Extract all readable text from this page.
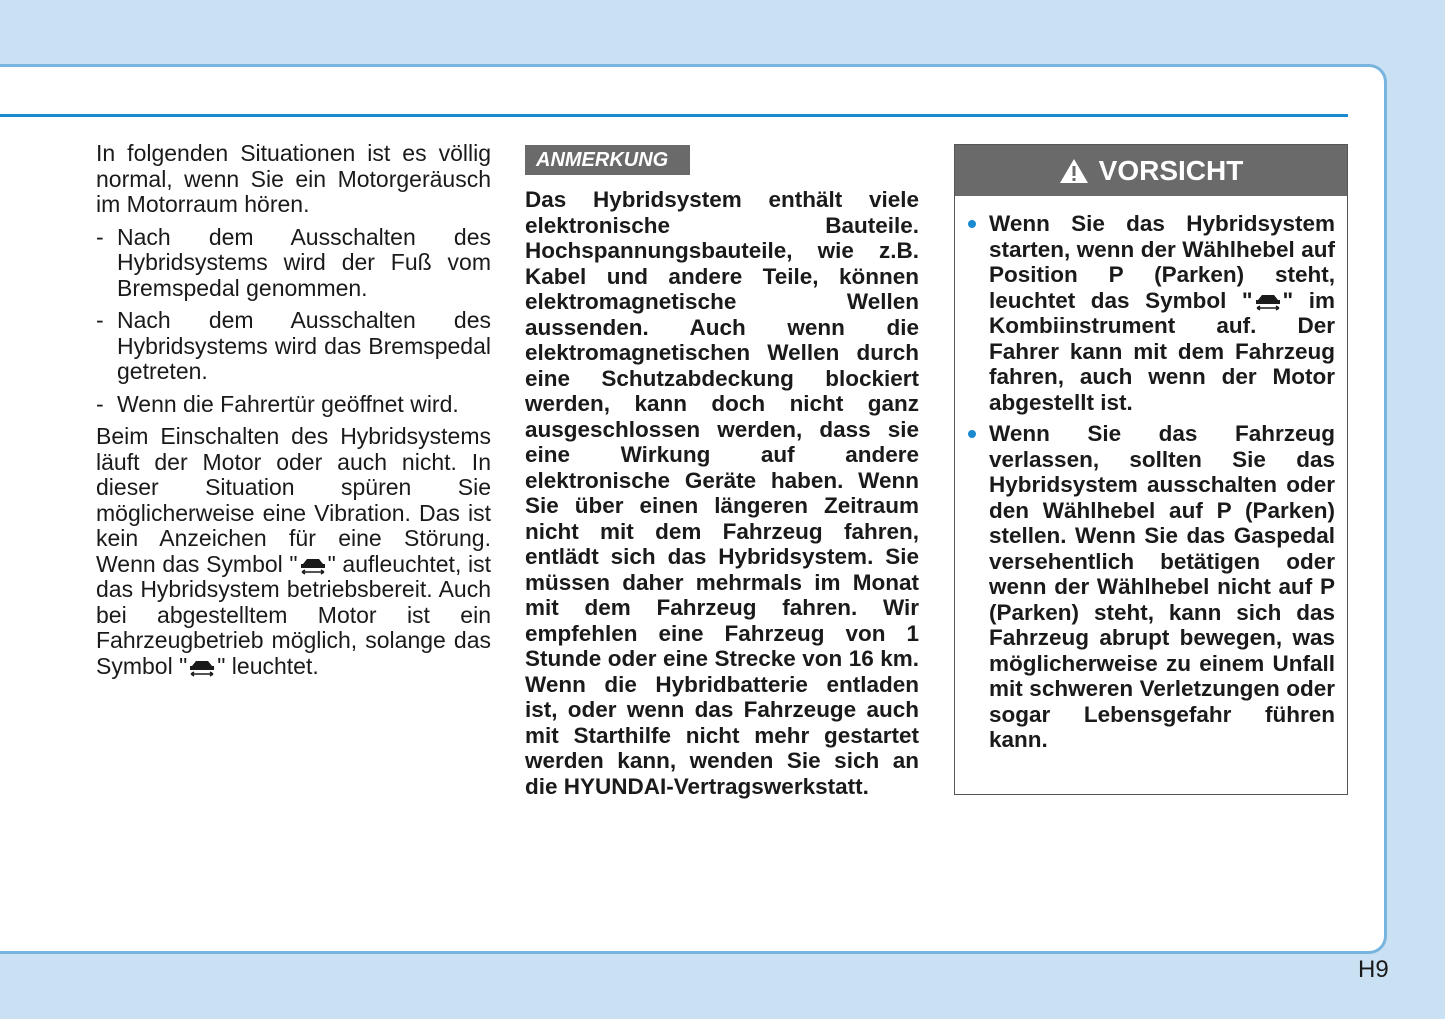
In folgenden Situationen ist es völlig normal, wenn Sie ein Motorgeräusch im Motorraum hören.

- Nach dem Ausschalten des Hybridsystems wird der Fuß vom Bremspedal genommen.
- Nach dem Ausschalten des Hybridsystems wird das Bremspedal getreten.
- Wenn die Fahrertür geöffnet wird.

Beim Einschalten des Hybridsystems läuft der Motor oder auch nicht. In dieser Situation spüren Sie möglicherweise eine Vibration. Das ist kein Anzeichen für eine Störung. Wenn das Symbol " " aufleuchtet, ist das Hybridsystem betriebsbereit. Auch bei abgestelltem Motor ist ein Fahrzeugbetrieb möglich, solange das Symbol " " leuchtet.

ANMERKUNG

Das Hybridsystem enthält viele elektronische Bauteile. Hochspannungsbauteile, wie z.B. Kabel und andere Teile, können elektromagnetische Wellen aussenden. Auch wenn die elektromagnetischen Wellen durch eine Schutzabdeckung blockiert werden, kann doch nicht ganz ausgeschlossen werden, dass sie eine Wirkung auf andere elektronische Geräte haben. Wenn Sie über einen längeren Zeitraum nicht mit dem Fahrzeug fahren, entlädt sich das Hybridsystem. Sie müssen daher mehrmals im Monat mit dem Fahrzeug fahren. Wir empfehlen eine Fahrzeug von 1 Stunde oder eine Strecke von 16 km. Wenn die Hybridbatterie entladen ist, oder wenn das Fahrzeuge auch mit Starthilfe nicht mehr gestartet werden kann, wenden Sie sich an die HYUNDAI-Vertragswerkstatt.

VORSICHT
Wenn Sie das Hybridsystem starten, wenn der Wählhebel auf Position P (Parken) steht, leuchtet das Symbol " " im Kombiinstrument auf. Der Fahrer kann mit dem Fahrzeug fahren, auch wenn der Motor abgestellt ist.
Wenn Sie das Fahrzeug verlassen, sollten Sie das Hybridsystem ausschalten oder den Wählhebel auf P (Parken) stellen. Wenn Sie das Gaspedal versehentlich betätigen oder wenn der Wählhebel nicht auf P (Parken) steht, kann sich das Fahrzeug abrupt bewegen, was möglicherweise zu einem Unfall mit schweren Verletzungen oder sogar Lebensgefahr führen kann.
H9
